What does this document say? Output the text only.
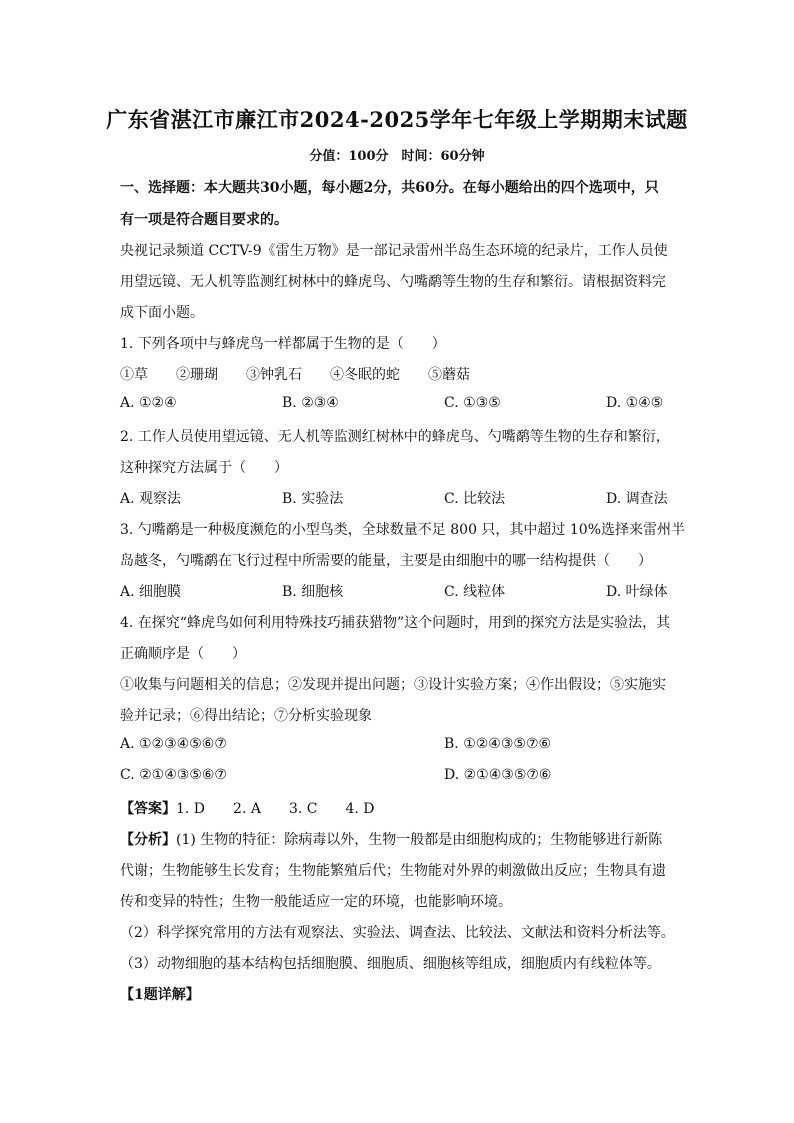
广东省湛江市廉江市2024-2025学年七年级上学期期末试题
分值：100分　时间：60分钟
一、选择题：本大题共30小题，每小题2分，共60分。在每小题给出的四个选项中，只
有一项是符合题目要求的。
央视记录频道 CCTV-9《雷生万物》是一部记录雷州半岛生态环境的纪录片，工作人员使
用望远镜、无人机等监测红树林中的蜂虎鸟、勺嘴鹬等生物的生存和繁衍。请根据资料完
成下面小题。
1. 下列各项中与蜂虎鸟一样都属于生物的是（　　）
①草　　②珊瑚　　③钟乳石　　④冬眠的蛇　　⑤蘑菇
A. ①②④	B. ②③④	C. ①③⑤	D. ①④⑤
2. 工作人员使用望远镜、无人机等监测红树林中的蜂虎鸟、勺嘴鹬等生物的生存和繁衍，
这种探究方法属于（　　）
A. 观察法	B. 实验法	C. 比较法	D. 调查法
3. 勺嘴鹬是一种极度濒危的小型鸟类，全球数量不足 800 只，其中超过 10%选择来雷州半
岛越冬，勺嘴鹬在飞行过程中所需要的能量，主要是由细胞中的哪一结构提供（　　）
A. 细胞膜	B. 细胞核	C. 线粒体	D. 叶绿体
4. 在探究“蜂虎鸟如何利用特殊技巧捕获猎物”这个问题时，用到的探究方法是实验法，其
正确顺序是（　　）
①收集与问题相关的信息；②发现并提出问题；③设计实验方案；④作出假设；⑤实施实
验并记录；⑥得出结论；⑦分析实验现象
A. ①②③④⑤⑥⑦	B. ①②④③⑤⑦⑥
C. ②①④③⑤⑥⑦	D. ②①④③⑤⑦⑥
【答案】1. D　　2. A　　3. C　　4. D
【分析】(1) 生物的特征：除病毒以外，生物一般都是由细胞构成的；生物能够进行新陈
代谢；生物能够生长发育；生物能繁殖后代；生物能对外界的刺激做出反应；生物具有遗
传和变异的特性；生物一般能适应一定的环境，也能影响环境。
（2）科学探究常用的方法有观察法、实验法、调查法、比较法、文献法和资料分析法等。
（3）动物细胞的基本结构包括细胞膜、细胞质、细胞核等组成，细胞质内有线粒体等。
【1题详解】
